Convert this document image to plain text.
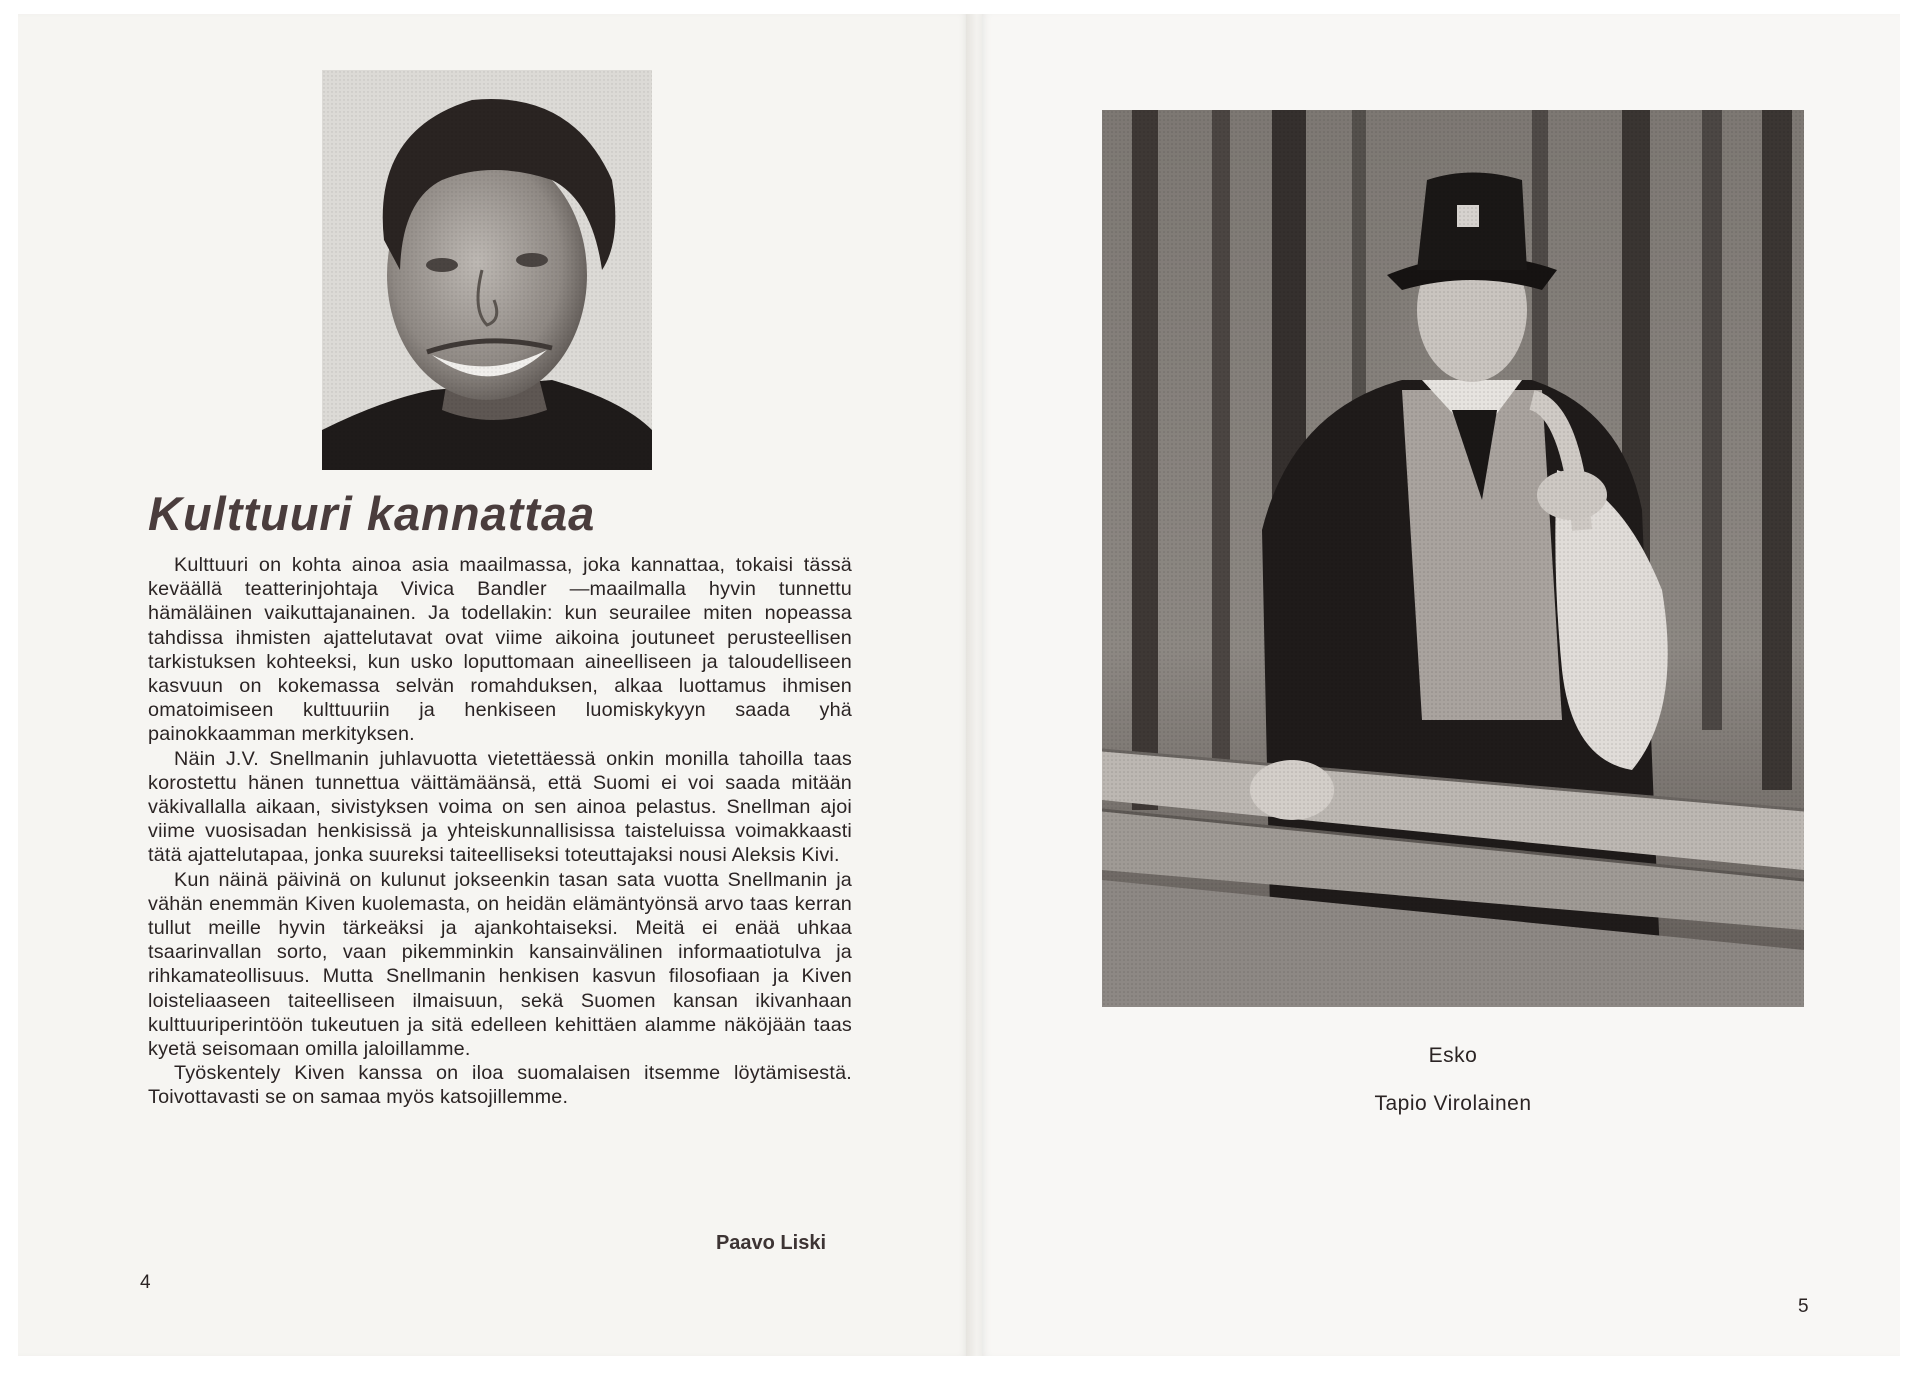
Kulttuuri kannattaa

Kulttuuri on kohta ainoa asia maailmassa, joka kannattaa, tokaisi tässä keväällä teatterinjohtaja Vivica Bandler —maailmalla hyvin tunnettu hämäläinen vaikuttajanainen. Ja todellakin: kun seurailee miten nopeassa tahdissa ihmisten ajattelutavat ovat viime aikoina joutuneet perusteellisen tarkistuksen kohteeksi, kun usko loputtomaan aineelliseen ja taloudelliseen kasvuun on kokemassa selvän romahduksen, alkaa luottamus ihmisen omatoimiseen kulttuuriin ja henkiseen luomiskykyyn saada yhä painokkaamman merkityksen.

Näin J.V. Snellmanin juhlavuotta vietettäessä onkin monilla tahoilla taas korostettu hänen tunnettua väittämäänsä, että Suomi ei voi saada mitään väkivallalla aikaan, sivistyksen voima on sen ainoa pelastus. Snellman ajoi viime vuosisadan henkisissä ja yhteiskunnallisissa taisteluissa voimakkaasti tätä ajattelutapaa, jonka suureksi taiteelliseksi toteuttajaksi nousi Aleksis Kivi.

Kun näinä päivinä on kulunut jokseenkin tasan sata vuotta Snellmanin ja vähän enemmän Kiven kuolemasta, on heidän elämäntyönsä arvo taas kerran tullut meille hyvin tärkeäksi ja ajankohtaiseksi. Meitä ei enää uhkaa tsaarinvallan sorto, vaan pikemminkin kansainvälinen informaatiotulva ja rihkamateollisuus. Mutta Snellmanin henkisen kasvun filosofiaan ja Kiven loisteliaaseen taiteelliseen ilmaisuun, sekä Suomen kansan ikivanhaan kulttuuriperintöön tukeutuen ja sitä edelleen kehittäen alamme näköjään taas kyetä seisomaan omilla jaloillamme.

Työskentely Kiven kanssa on iloa suomalaisen itsemme löytämisestä. Toivottavasti se on samaa myös katsojillemme.

Paavo Liski
4
Esko
Tapio Virolainen
5
